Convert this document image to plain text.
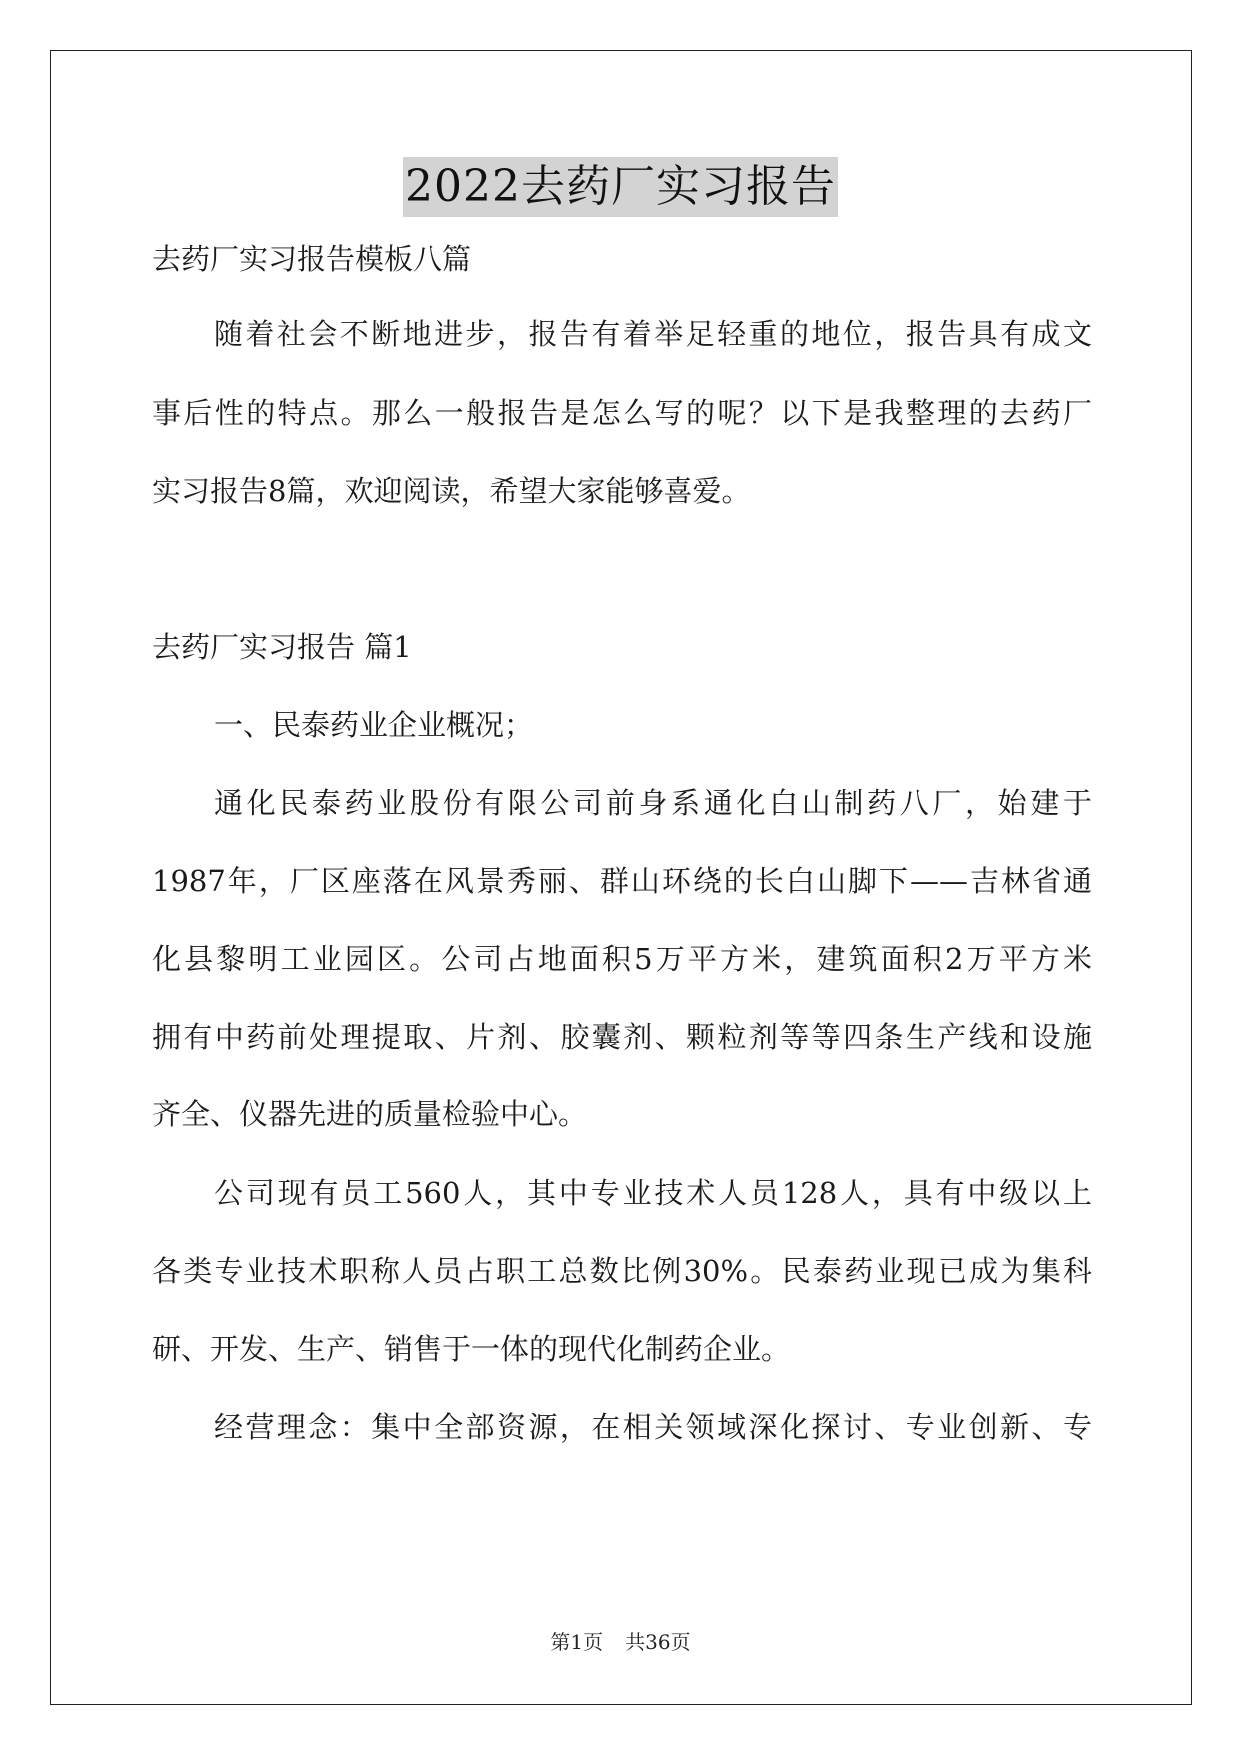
2022去药厂实习报告
去药厂实习报告模板八篇
随着社会不断地进步，报告有着举足轻重的地位，报告具有成文
事后性的特点。那么一般报告是怎么写的呢？以下是我整理的去药厂
实习报告8篇，欢迎阅读，希望大家能够喜爱。
去药厂实习报告 篇1
一、民泰药业企业概况；
通化民泰药业股份有限公司前身系通化白山制药八厂，始建于
1987年，厂区座落在风景秀丽、群山环绕的长白山脚下——吉林省通
化县黎明工业园区。公司占地面积5万平方米，建筑面积2万平方米
拥有中药前处理提取、片剂、胶囊剂、颗粒剂等等四条生产线和设施
齐全、仪器先进的质量检验中心。
公司现有员工560人，其中专业技术人员128人，具有中级以上
各类专业技术职称人员占职工总数比例30%。民泰药业现已成为集科
研、开发、生产、销售于一体的现代化制药企业。
经营理念：集中全部资源，在相关领域深化探讨、专业创新、专
第1页 共36页
